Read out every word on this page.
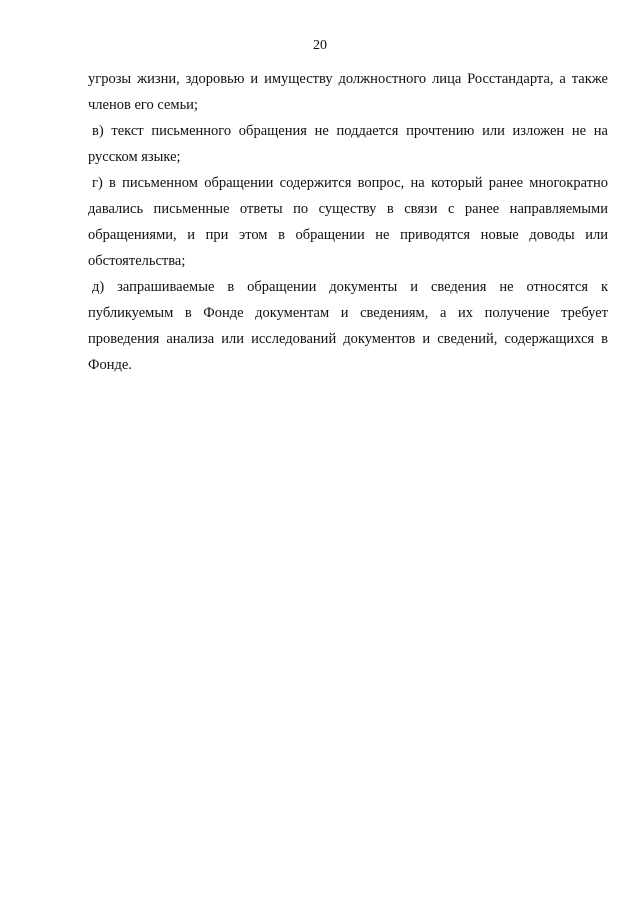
20

угрозы жизни, здоровью и имуществу должностного лица Росстандарта, а также членов его семьи;

в) текст письменного обращения не поддается прочтению или изложен не на русском языке;

г) в письменном обращении содержится вопрос, на который ранее многократно давались письменные ответы по существу в связи с ранее направляемыми обращениями, и при этом в обращении не приводятся новые доводы или обстоятельства;

д) запрашиваемые в обращении документы и сведения не относятся к публикуемым в Фонде документам и сведениям, а их получение требует проведения анализа или исследований документов и сведений, содержащихся в Фонде.
